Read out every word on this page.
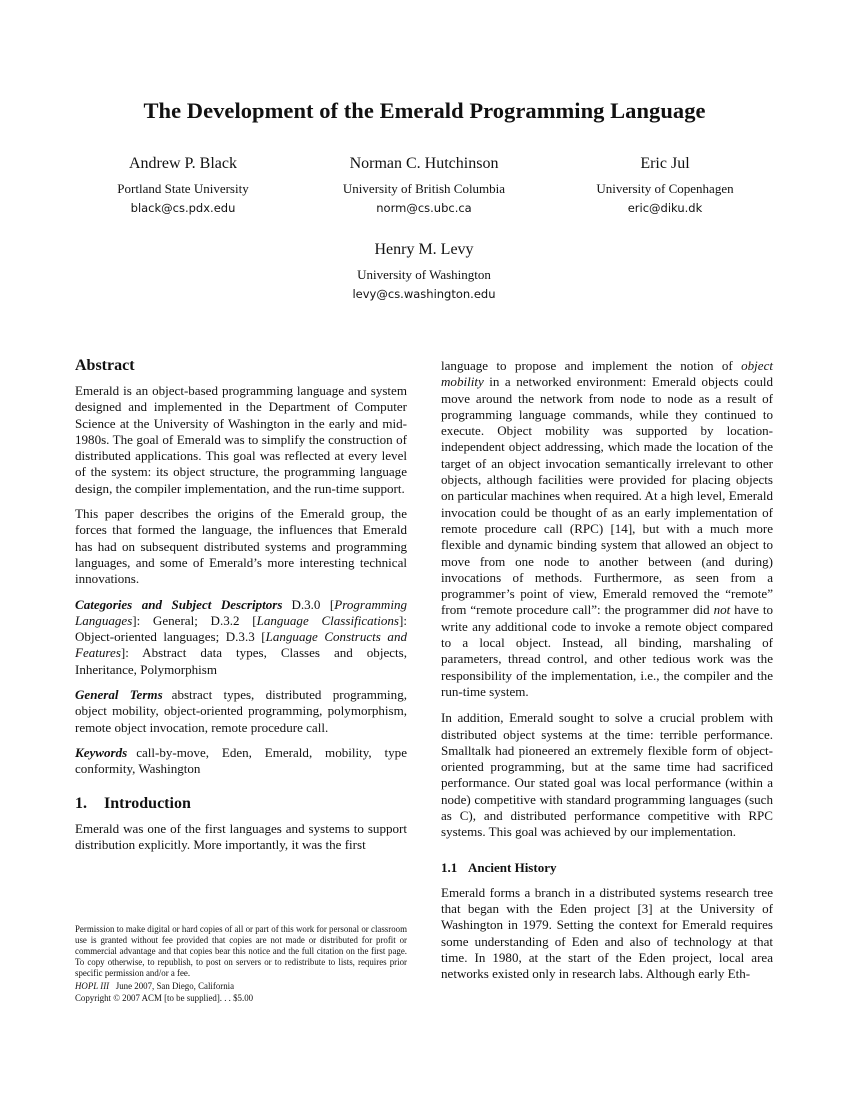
The Development of the Emerald Programming Language
Andrew P. Black
Portland State University
black@cs.pdx.edu
Norman C. Hutchinson
University of British Columbia
norm@cs.ubc.ca
Eric Jul
University of Copenhagen
eric@diku.dk
Henry M. Levy
University of Washington
levy@cs.washington.edu
Abstract

Emerald is an object-based programming language and system designed and implemented in the Department of Computer Science at the University of Washington in the early and mid-1980s. The goal of Emerald was to simplify the construction of distributed applications. This goal was reflected at every level of the system: its object structure, the programming language design, the compiler implementation, and the run-time support.

This paper describes the origins of the Emerald group, the forces that formed the language, the influences that Emerald has had on subsequent distributed systems and programming languages, and some of Emerald’s more interesting technical innovations.

Categories and Subject Descriptors D.3.0 [Programming Languages]: General; D.3.2 [Language Classifications]: Object-oriented languages; D.3.3 [Language Constructs and Features]: Abstract data types, Classes and objects, Inheritance, Polymorphism

General Terms abstract types, distributed programming, object mobility, object-oriented programming, polymorphism, remote object invocation, remote procedure call.

Keywords call-by-move, Eden, Emerald, mobility, type conformity, Washington

1. Introduction

Emerald was one of the first languages and systems to support distribution explicitly. More importantly, it was the first

Permission to make digital or hard copies of all or part of this work for personal or classroom use is granted without fee provided that copies are not made or distributed for profit or commercial advantage and that copies bear this notice and the full citation on the first page. To copy otherwise, to republish, to post on servers or to redistribute to lists, requires prior specific permission and/or a fee.
HOPL III June 2007, San Diego, California
Copyright © 2007 ACM [to be supplied]. . . $5.00

language to propose and implement the notion of object mobility in a networked environment: Emerald objects could move around the network from node to node as a result of programming language commands, while they continued to execute. Object mobility was supported by location-independent object addressing, which made the location of the target of an object invocation semantically irrelevant to other objects, although facilities were provided for placing objects on particular machines when required. At a high level, Emerald invocation could be thought of as an early implementation of remote procedure call (RPC) [14], but with a much more flexible and dynamic binding system that allowed an object to move from one node to another between (and during) invocations of methods. Furthermore, as seen from a programmer’s point of view, Emerald removed the “remote” from “remote procedure call”: the programmer did not have to write any additional code to invoke a remote object compared to a local object. Instead, all binding, marshaling of parameters, thread control, and other tedious work was the responsibility of the implementation, i.e., the compiler and the run-time system.

In addition, Emerald sought to solve a crucial problem with distributed object systems at the time: terrible performance. Smalltalk had pioneered an extremely flexible form of object-oriented programming, but at the same time had sacrificed performance. Our stated goal was local performance (within a node) competitive with standard programming languages (such as C), and distributed performance competitive with RPC systems. This goal was achieved by our implementation.

1.1 Ancient History

Emerald forms a branch in a distributed systems research tree that began with the Eden project [3] at the University of Washington in 1979. Setting the context for Emerald requires some understanding of Eden and also of technology at that time. In 1980, at the start of the Eden project, local area networks existed only in research labs. Although early Eth-
